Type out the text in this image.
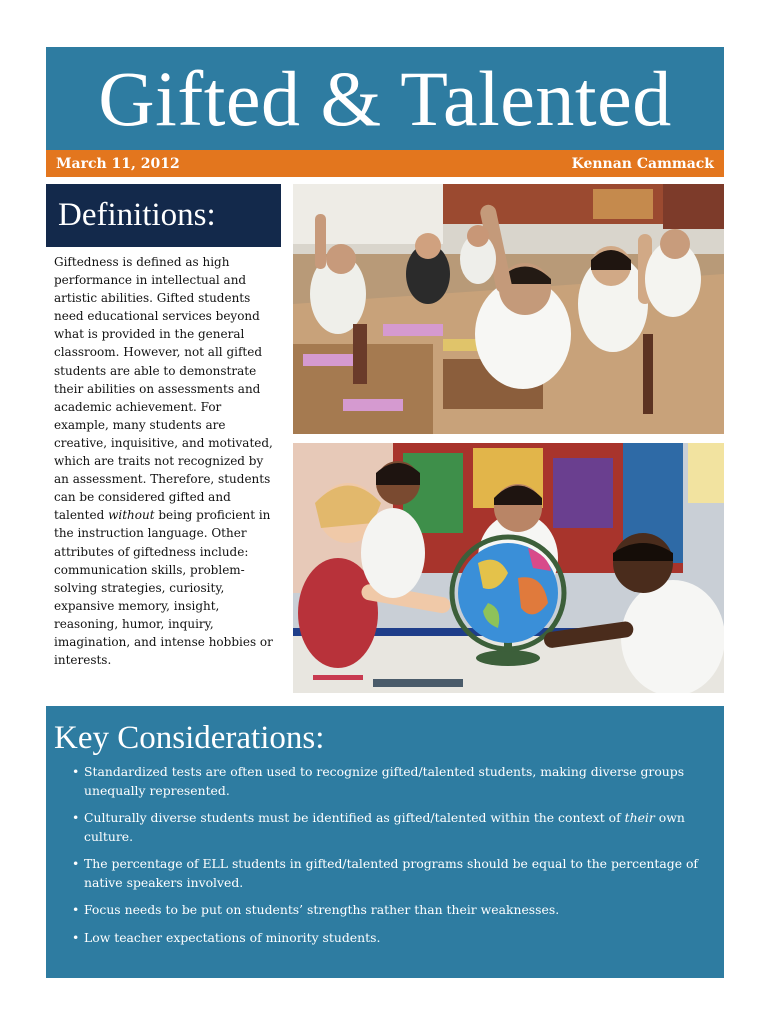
Gifted & Talented
March 11, 2012	Kennan Cammack
Definitions:

Giftedness is defined as high performance in intellectual and artistic abilities. Gifted students need educational services beyond what is provided in the general classroom. However, not all gifted students are able to demonstrate their abilities on assessments and academic achievement. For example, many students are creative, inquisitive, and motivated, which are traits not recognized by an assessment. Therefore, students can be considered gifted and talented without being proficient in the instruction language. Other attributes of giftedness include: communication skills, problem-solving strategies, curiosity, expansive memory, insight, reasoning, humor, inquiry, imagination, and intense hobbies or interests.

Key Considerations:
• Standardized tests are often used to recognize gifted/talented students, making diverse groups unequally represented.
• Culturally diverse students must be identified as gifted/talented within the context of their own culture.
• The percentage of ELL students in gifted/talented programs should be equal to the percentage of native speakers involved.
• Focus needs to be put on students’ strengths rather than their weaknesses.
• Low teacher expectations of minority students.
